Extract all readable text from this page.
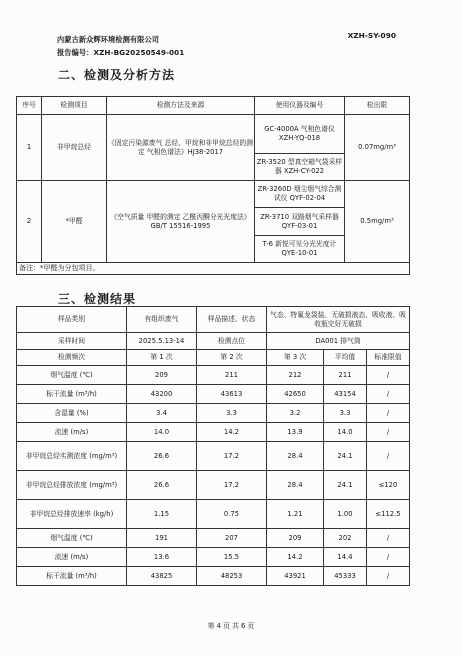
内蒙古新众辉环境检测有限公司
报告编号：XZH-BG20250549-001
XZH-SY-090
二、检测及分析方法
序号	检测项目	检测方法及来源	使用仪器及编号	检出限
1	非甲烷总烃	《固定污染源废气 总烃、甲烷和非甲烷总烃的测定 气相色谱法》HJ38-2017	GC-4000A 气相色谱仪 XZH-YQ-018
ZR-3520 型真空箱气袋采样器 XZH-CY-022	0.07mg/m³
2	*甲醛	《空气质量 甲醛的测定 乙酰丙酮分光光度法》GB/T 15516-1995	ZR-3260D 烟尘烟气综合测试仪 QYF-02-04
ZR-3710 双路烟气采样器 QYF-03-01
T-6 新悦可见分光光度计 QYE-10-01	0.5mg/m³
备注：*甲醛为分包项目。				
三、检测结果
样品类别	有组织废气	样品描述、状态	气态、特氟龙袋装、无破损液态、吸收液、吸收瓶完好无破损		
采样时间	2025.5.13-14	检测点位	DA001 排气筒		
检测频次	第 1 次	第 2 次	第 3 次	平均值	标准限值
烟气温度 (℃)	209	211	212	211	/
标干流量 (m³/h)	43200	43613	42650	43154	/
含湿量 (%)	3.4	3.3	3.2	3.3	/
流速 (m/s)	14.0	14.2	13.9	14.0	/
非甲烷总烃实测浓度 (mg/m³)	26.6	17.2	28.4	24.1	/
非甲烷总烃排放浓度 (mg/m³)	26.6	17.2	28.4	24.1	≤120
非甲烷总烃排放速率 (kg/h)	1.15	0.75	1.21	1.00	≤112.5
烟气温度 (℃)	191	207	209	202	/
流速 (m/s)	13.6	15.5	14.2	14.4	/
标干流量 (m³/h)	43825	48253	43921	45333	/
第 4 页 共 6 页
